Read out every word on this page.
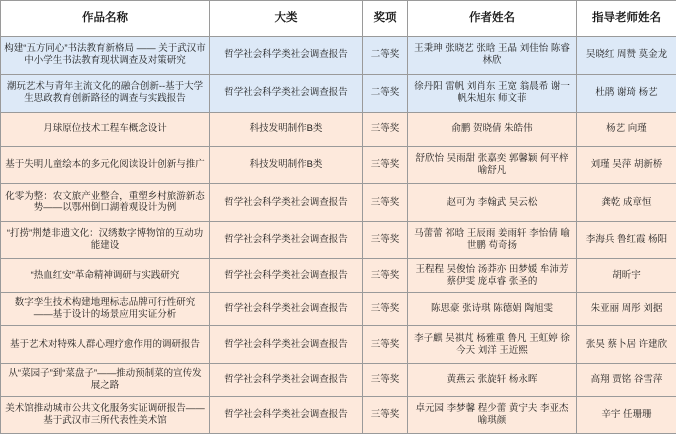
作品名称	大类	奖项	作者姓名	指导老师姓名
构建“五方同心”书法教育新格局 —— 关于武汉市中小学生书法教育现状调查及对策研究	哲学社会科学类社会调查报告	二等奖	王秉珅 张晓艺 张晗 王晶 刘佳怡 陈睿林欣	吴晓红 周赞 莫金龙
潮玩艺术与青年主流文化的融合创新--基于大学生思政教育创新路径的调查与实践报告	哲学社会科学类社会调查报告	二等奖	徐丹阳 雷帆 刘肖东 王宽 翁晨希 谢一帆朱旭东 师文菲	杜鹃 谢琦 杨艺
月球原位技术工程车概念设计	科技发明制作B类	三等奖	俞鹏 贺晓倩 朱皓伟	杨艺 向瑾
基于失明儿童绘本的多元化阅读设计创新与推广	科技发明制作B类	三等奖	舒欣怡 吴雨甜 张嘉奕 郭馨颖 何平梓 喻舒凡	刘瑾 吴萍 胡新桥
化零为整：农文旅产业整合，重塑乡村旅游新态势——以鄂州倒口湖着观设计为例	哲学社会科学类社会调查报告	三等奖	赵可为 李翰武 吴云松	龚乾 成章恒
“打捞”荆楚非遗文化：汉绣数字博物馆的互动功能建设	哲学社会科学类社会调查报告	三等奖	马蕾蕾 祁晗 王辰雨 姜雨轩 李怡倩 喻世鹏 苟奇扬	李海兵 鲁红霞 杨阳
“热血红安”革命精神调研与实践研究	哲学社会科学类社会调查报告	三等奖	王程程 吴俊怡 汤莽亦 田梦媛 牟沛芳 蔡伊雯 庞卓睿 张圣的	胡昕宇
数字孪生技术构建地理标志品牌可行性研究 ——基于设计的场景应用实证分析	哲学社会科学类社会调查报告	三等奖	陈思豪 张诗琪 陈德娟 陶旭雯	朱亚丽 周彤 刘据
基于艺术对特殊人群心理疗愈作用的调研报告	哲学社会科学类社会调查报告	三等奖	李子麒 吴祺芃 杨雅重 鲁凡 王虹婷 徐今天 刘洋 王近熙	张昊 蔡卜居 许建欣
从“菜园子”到“菜盘子”——推动预制菜的宣传发展之路	哲学社会科学类社会调查报告	三等奖	黄燕云 张旋轩 杨永晖	高翔 贾铭 谷雪萍
美术馆推动城市公共文化服务实证调研报告——基于武汉市三所代表性美术馆	哲学社会科学类社会调查报告	三等奖	卓元园 李梦馨 程少蕾 黄宁夫 李亚杰 喻琪颜	辛宇 任珊珊
